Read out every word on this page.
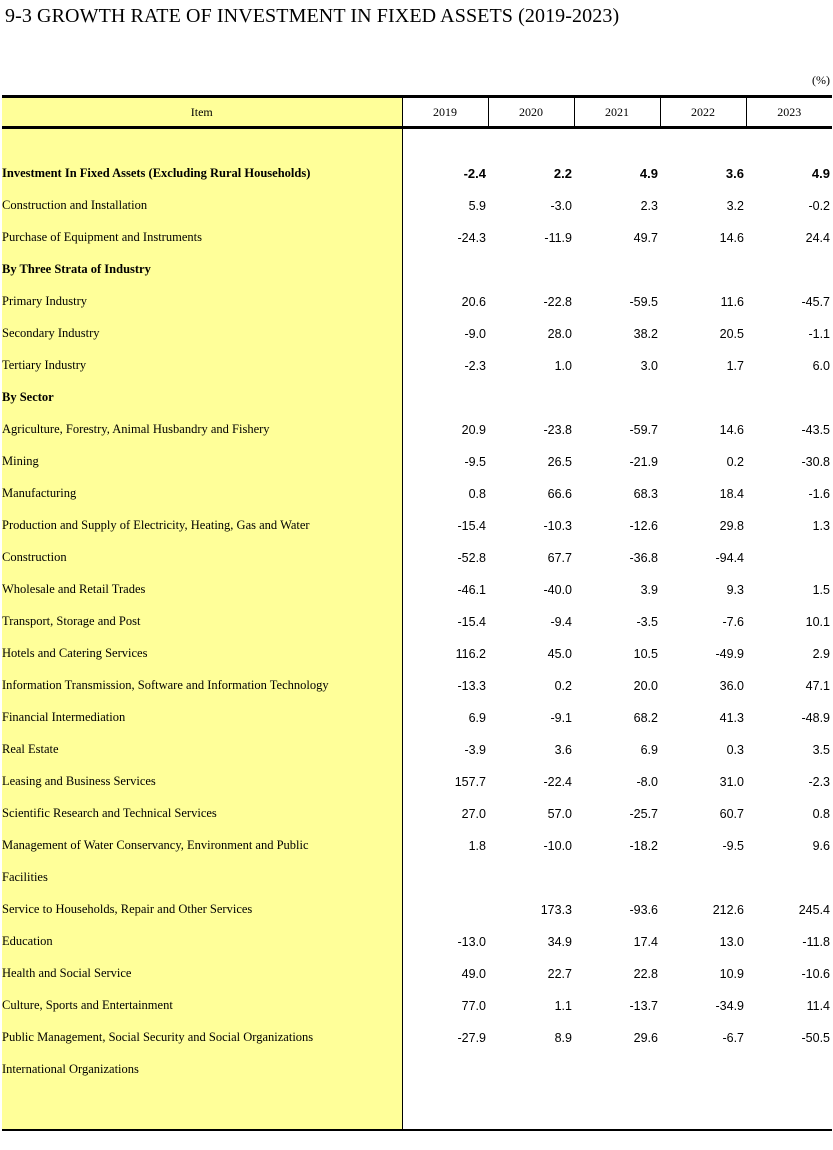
9-3 GROWTH RATE OF INVESTMENT IN FIXED ASSETS (2019-2023)
(%)
Item	2019	2020	2021	2022	2023

Investment In Fixed Assets (Excluding Rural Households)	-2.4	2.2	4.9	3.6	4.9
Construction and Installation	5.9	-3.0	2.3	3.2	-0.2
Purchase of Equipment and Instruments	-24.3	-11.9	49.7	14.6	24.4
By Three Strata of Industry					
Primary Industry	20.6	-22.8	-59.5	11.6	-45.7
Secondary Industry	-9.0	28.0	38.2	20.5	-1.1
Tertiary Industry	-2.3	1.0	3.0	1.7	6.0
By Sector					
Agriculture, Forestry, Animal Husbandry and Fishery	20.9	-23.8	-59.7	14.6	-43.5
Mining	-9.5	26.5	-21.9	0.2	-30.8
Manufacturing	0.8	66.6	68.3	18.4	-1.6
Production and Supply of Electricity, Heating, Gas and Water	-15.4	-10.3	-12.6	29.8	1.3
Construction	-52.8	67.7	-36.8	-94.4	
Wholesale and Retail Trades	-46.1	-40.0	3.9	9.3	1.5
Transport, Storage and Post	-15.4	-9.4	-3.5	-7.6	10.1
Hotels and Catering Services	116.2	45.0	10.5	-49.9	2.9
Information Transmission, Software and Information Technology	-13.3	0.2	20.0	36.0	47.1
Financial Intermediation	6.9	-9.1	68.2	41.3	-48.9
Real Estate	-3.9	3.6	6.9	0.3	3.5
Leasing and Business Services	157.7	-22.4	-8.0	31.0	-2.3
Scientific Research and Technical Services	27.0	57.0	-25.7	60.7	0.8
Management of Water Conservancy, Environment and Public	1.8	-10.0	-18.2	-9.5	9.6
Facilities					
Service to Households, Repair and Other Services		173.3	-93.6	212.6	245.4
Education	-13.0	34.9	17.4	13.0	-11.8
Health and Social Service	49.0	22.7	22.8	10.9	-10.6
Culture, Sports and Entertainment	77.0	1.1	-13.7	-34.9	11.4
Public Management, Social Security and Social Organizations	-27.9	8.9	29.6	-6.7	-50.5
International Organizations					
